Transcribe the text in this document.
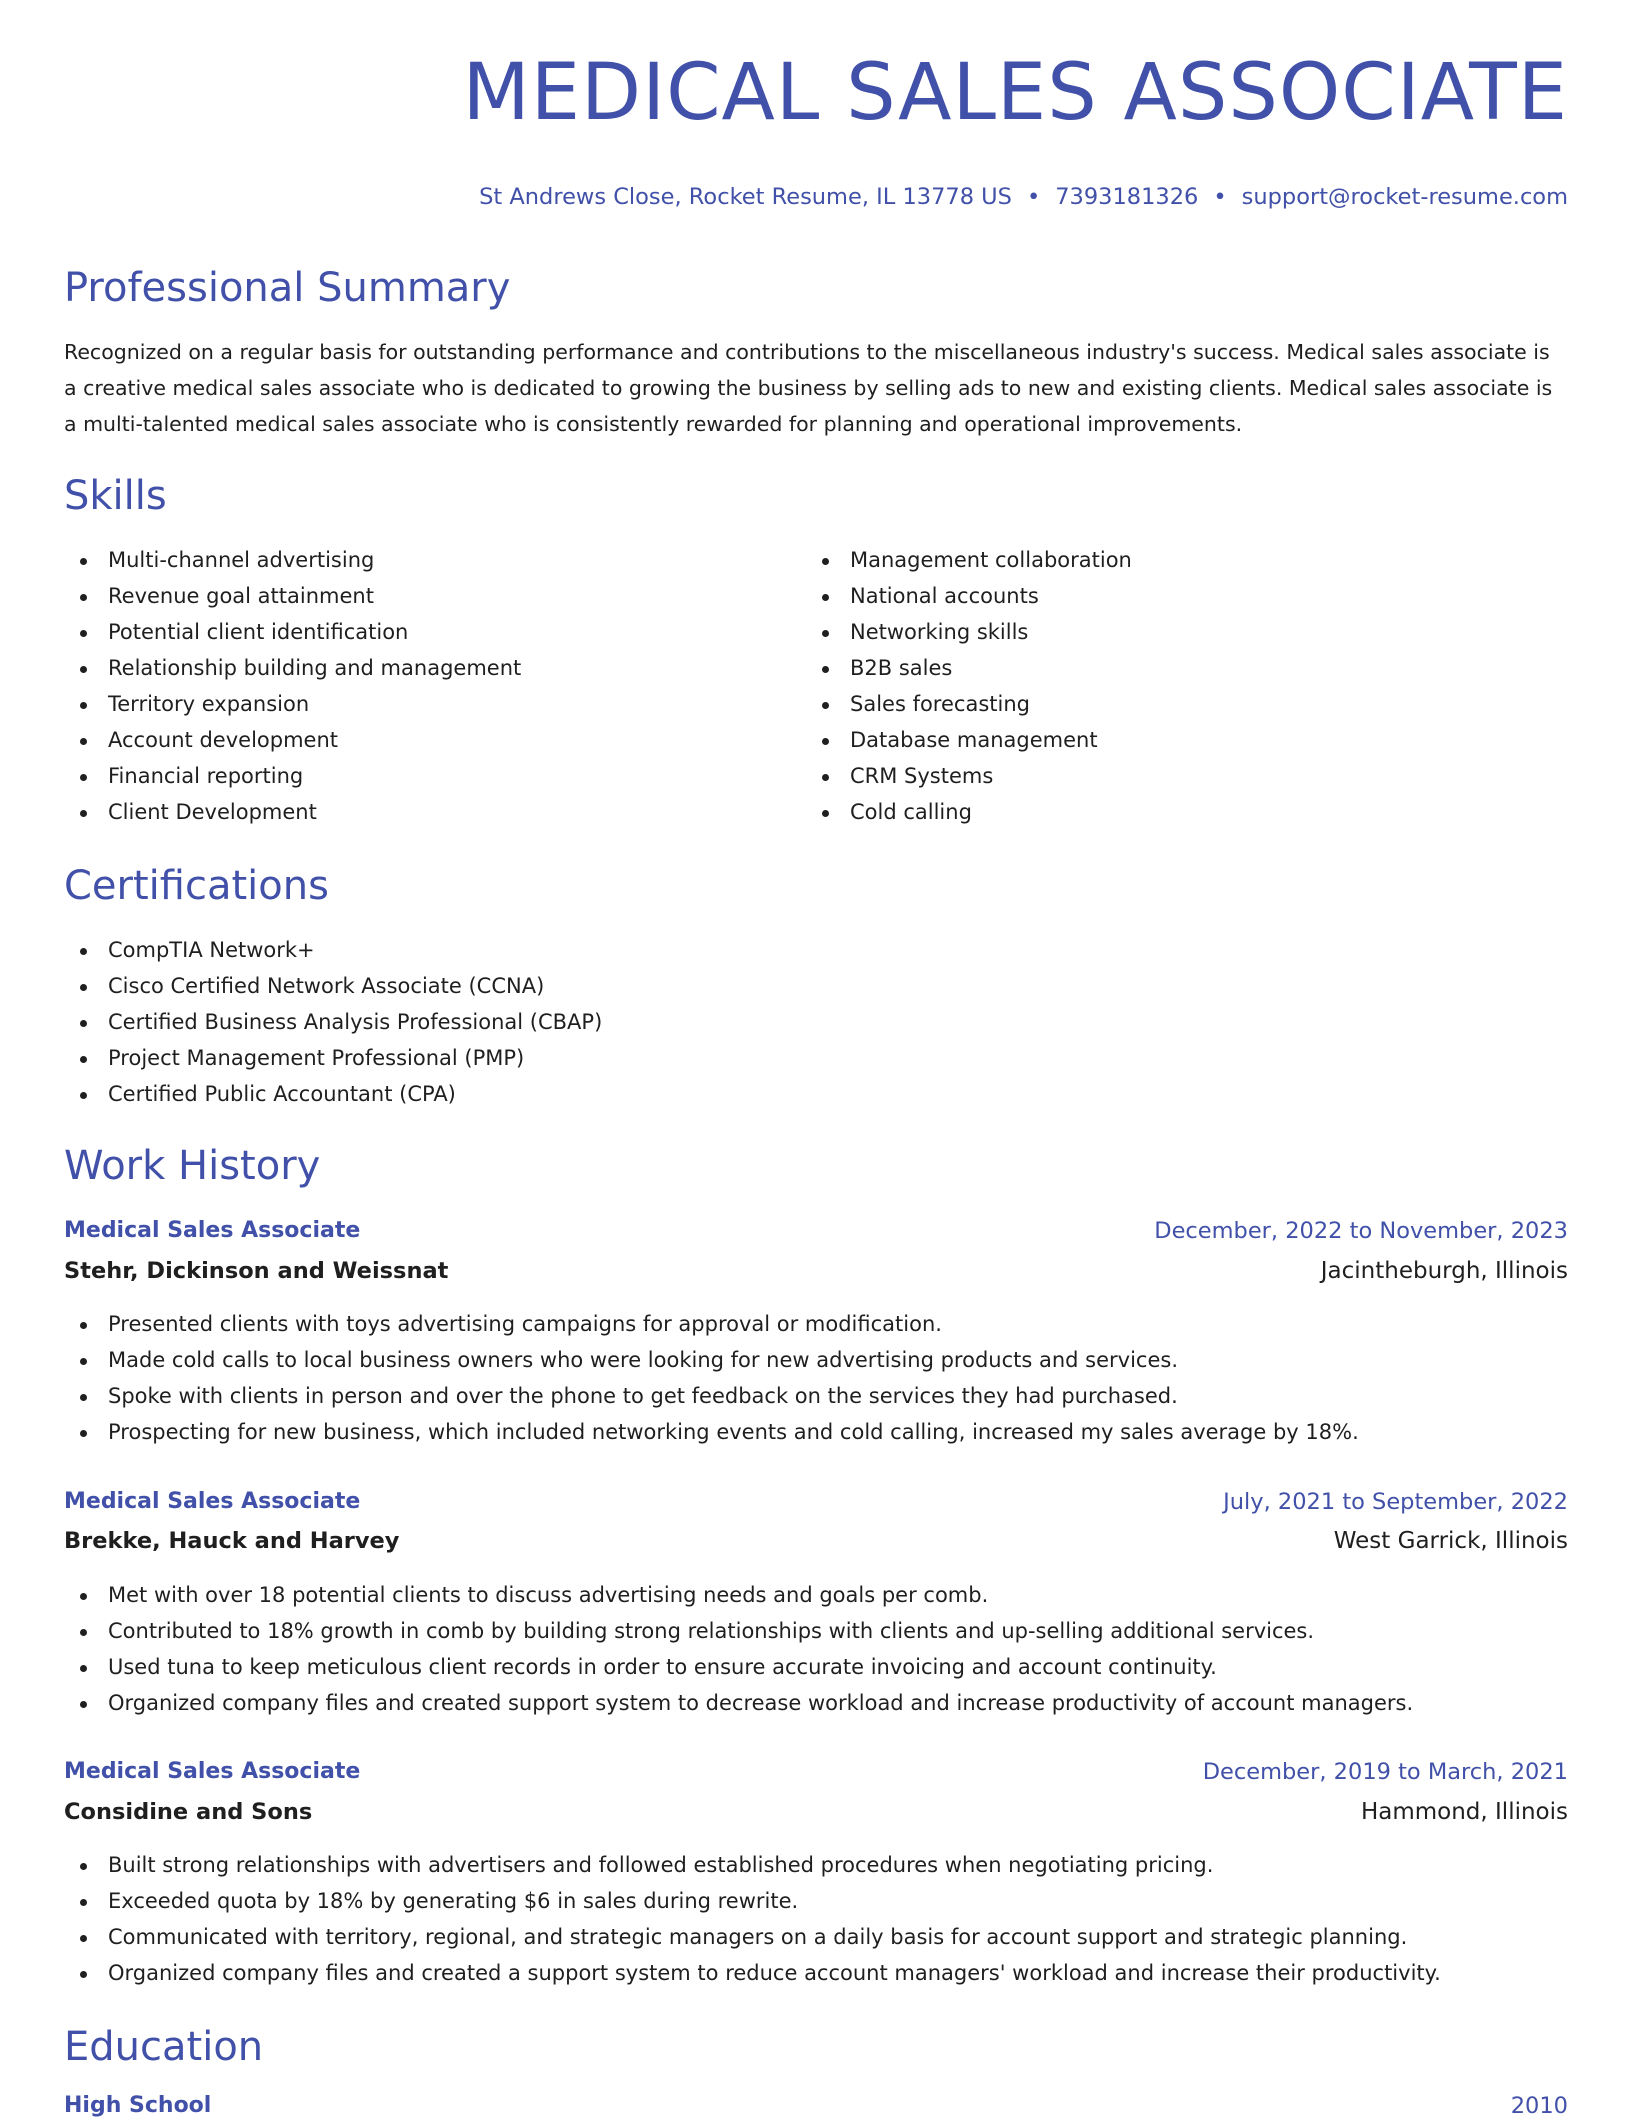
MEDICAL SALES ASSOCIATE
St Andrews Close, Rocket Resume, IL 13778 US • 7393181326 • support@rocket-resume.com
Professional Summary

Recognized on a regular basis for outstanding performance and contributions to the miscellaneous industry's success. Medical sales associate is a creative medical sales associate who is dedicated to growing the business by selling ads to new and existing clients. Medical sales associate is a multi-talented medical sales associate who is consistently rewarded for planning and operational improvements.

Skills
Multi-channel advertising
Revenue goal attainment
Potential client identification
Relationship building and management
Territory expansion
Account development
Financial reporting
Client Development
Management collaboration
National accounts
Networking skills
B2B sales
Sales forecasting
Database management
CRM Systems
Cold calling
Certifications
CompTIA Network+
Cisco Certified Network Associate (CCNA)
Certified Business Analysis Professional (CBAP)
Project Management Professional (PMP)
Certified Public Accountant (CPA)
Work History
Medical Sales Associate	December, 2022 to November, 2023
Stehr, Dickinson and Weissnat	Jacintheburgh, Illinois
Presented clients with toys advertising campaigns for approval or modification.
Made cold calls to local business owners who were looking for new advertising products and services.
Spoke with clients in person and over the phone to get feedback on the services they had purchased.
Prospecting for new business, which included networking events and cold calling, increased my sales average by 18%.
Medical Sales Associate	July, 2021 to September, 2022
Brekke, Hauck and Harvey	West Garrick, Illinois
Met with over 18 potential clients to discuss advertising needs and goals per comb.
Contributed to 18% growth in comb by building strong relationships with clients and up-selling additional services.
Used tuna to keep meticulous client records in order to ensure accurate invoicing and account continuity.
Organized company files and created support system to decrease workload and increase productivity of account managers.
Medical Sales Associate	December, 2019 to March, 2021
Considine and Sons	Hammond, Illinois
Built strong relationships with advertisers and followed established procedures when negotiating pricing.
Exceeded quota by 18% by generating $6 in sales during rewrite.
Communicated with territory, regional, and strategic managers on a daily basis for account support and strategic planning.
Organized company files and created a support system to reduce account managers' workload and increase their productivity.
Education
High School	2010
